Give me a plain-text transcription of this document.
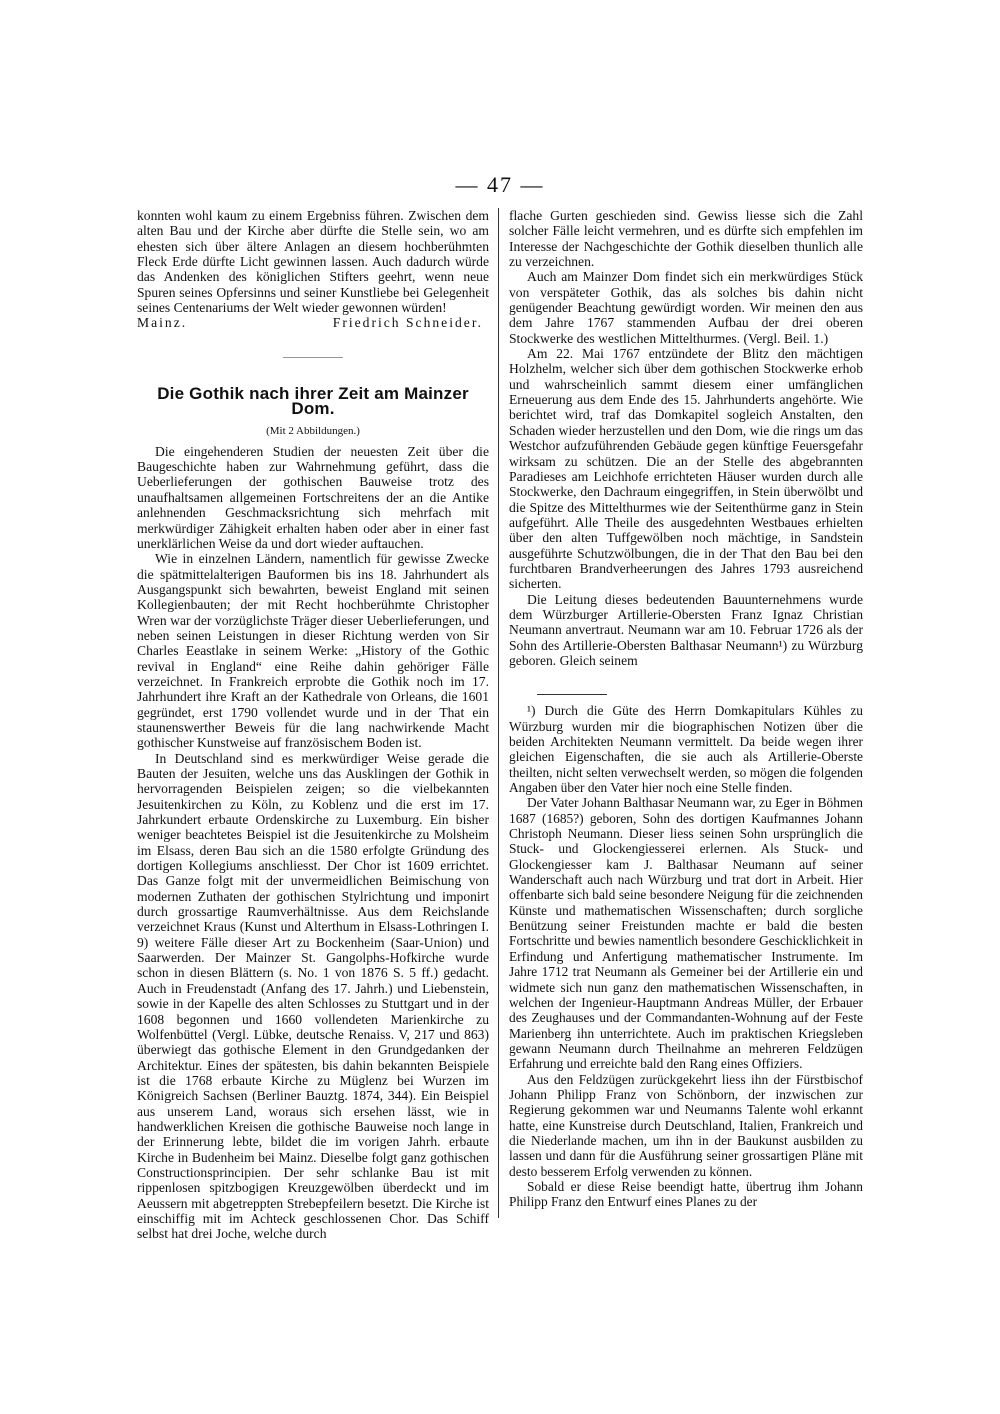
— 47 —

konnten wohl kaum zu einem Ergebniss führen. Zwischen dem alten Bau und der Kirche aber dürfte die Stelle sein, wo am ehesten sich über ältere Anlagen an diesem hochberühmten Fleck Erde dürfte Licht gewinnen lassen. Auch dadurch würde das Andenken des königlichen Stifters geehrt, wenn neue Spuren seines Opfersinns und seiner Kunstliebe bei Gelegenheit seines Centenariums der Welt wieder gewonnen würden!

Mainz.	Friedrich Schneider.
Die Gothik nach ihrer Zeit am Mainzer Dom.
(Mit 2 Abbildungen.)

Die eingehenderen Studien der neuesten Zeit über die Baugeschichte haben zur Wahrnehmung geführt, dass die Ueberlieferungen der gothischen Bauweise trotz des unaufhaltsamen allgemeinen Fortschreitens der an die Antike anlehnenden Geschmacksrichtung sich mehrfach mit merkwürdiger Zähigkeit erhalten haben oder aber in einer fast unerklärlichen Weise da und dort wieder auftauchen.

Wie in einzelnen Ländern, namentlich für gewisse Zwecke die spätmittelalterigen Bauformen bis ins 18. Jahrhundert als Ausgangspunkt sich bewahrten, beweist England mit seinen Kollegienbauten; der mit Recht hochberühmte Christopher Wren war der vorzüglichste Träger dieser Ueberlieferungen, und neben seinen Leistungen in dieser Richtung werden von Sir Charles Eeastlake in seinem Werke: „History of the Gothic revival in England“ eine Reihe dahin gehöriger Fälle verzeichnet. In Frankreich erprobte die Gothik noch im 17. Jahrhundert ihre Kraft an der Kathedrale von Orleans, die 1601 gegründet, erst 1790 vollendet wurde und in der That ein staunenswerther Beweis für die lang nachwirkende Macht gothischer Kunstweise auf französischem Boden ist.

In Deutschland sind es merkwürdiger Weise gerade die Bauten der Jesuiten, welche uns das Ausklingen der Gothik in hervorragenden Beispielen zeigen; so die vielbekannten Jesuitenkirchen zu Köln, zu Koblenz und die erst im 17. Jahrkundert erbaute Ordenskirche zu Luxemburg. Ein bisher weniger beachtetes Beispiel ist die Jesuitenkirche zu Molsheim im Elsass, deren Bau sich an die 1580 erfolgte Gründung des dortigen Kollegiums anschliesst. Der Chor ist 1609 errichtet. Das Ganze folgt mit der unvermeidlichen Beimischung von modernen Zuthaten der gothischen Stylrichtung und imponirt durch grossartige Raumverhältnisse. Aus dem Reichslande verzeichnet Kraus (Kunst und Alterthum in Elsass-Lothringen I. 9) weitere Fälle dieser Art zu Bockenheim (Saar-Union) und Saarwerden. Der Mainzer St. Gangolphs-Hofkirche wurde schon in diesen Blättern (s. No. 1 von 1876 S. 5 ff.) gedacht. Auch in Freudenstadt (Anfang des 17. Jahrh.) und Liebenstein, sowie in der Kapelle des alten Schlosses zu Stuttgart und in der 1608 begonnen und 1660 vollendeten Marienkirche zu Wolfenbüttel (Vergl. Lübke, deutsche Renaiss. V, 217 und 863) überwiegt das gothische Element in den Grundgedanken der Architektur. Eines der spätesten, bis dahin bekannten Beispiele ist die 1768 erbaute Kirche zu Müglenz bei Wurzen im Königreich Sachsen (Berliner Bauztg. 1874, 344). Ein Beispiel aus unserem Land, woraus sich ersehen lässt, wie in handwerklichen Kreisen die gothische Bauweise noch lange in der Erinnerung lebte, bildet die im vorigen Jahrh. erbaute Kirche in Budenheim bei Mainz. Dieselbe folgt ganz gothischen Constructionsprincipien. Der sehr schlanke Bau ist mit rippenlosen spitzbogigen Kreuzgewölben überdeckt und im Aeussern mit abgetreppten Strebepfeilern besetzt. Die Kirche ist einschiffig mit im Achteck geschlossenen Chor. Das Schiff selbst hat drei Joche, welche durch

flache Gurten geschieden sind. Gewiss liesse sich die Zahl solcher Fälle leicht vermehren, und es dürfte sich empfehlen im Interesse der Nachgeschichte der Gothik dieselben thunlich alle zu verzeichnen.

Auch am Mainzer Dom findet sich ein merkwürdiges Stück von verspäteter Gothik, das als solches bis dahin nicht genügender Beachtung gewürdigt worden. Wir meinen den aus dem Jahre 1767 stammenden Aufbau der drei oberen Stockwerke des westlichen Mittelthurmes. (Vergl. Beil. 1.)

Am 22. Mai 1767 entzündete der Blitz den mächtigen Holzhelm, welcher sich über dem gothischen Stockwerke erhob und wahrscheinlich sammt diesem einer umfänglichen Erneuerung aus dem Ende des 15. Jahrhunderts angehörte. Wie berichtet wird, traf das Domkapitel sogleich Anstalten, den Schaden wieder herzustellen und den Dom, wie die rings um das Westchor aufzuführenden Gebäude gegen künftige Feuersgefahr wirksam zu schützen. Die an der Stelle des abgebrannten Paradieses am Leichhofe errichteten Häuser wurden durch alle Stockwerke, den Dachraum eingegriffen, in Stein überwölbt und die Spitze des Mittelthurmes wie der Seitenthürme ganz in Stein aufgeführt. Alle Theile des ausgedehnten Westbaues erhielten über den alten Tuffgewölben noch mächtige, in Sandstein ausgeführte Schutzwölbungen, die in der That den Bau bei den furchtbaren Brandverheerungen des Jahres 1793 ausreichend sicherten.

Die Leitung dieses bedeutenden Bauunternehmens wurde dem Würzburger Artillerie-Obersten Franz Ignaz Christian Neumann anvertraut. Neumann war am 10. Februar 1726 als der Sohn des Artillerie-Obersten Balthasar Neumann¹) zu Würzburg geboren. Gleich seinem

¹) Durch die Güte des Herrn Domkapitulars Kühles zu Würzburg wurden mir die biographischen Notizen über die beiden Architekten Neumann vermittelt. Da beide wegen ihrer gleichen Eigenschaften, die sie auch als Artillerie-Oberste theilten, nicht selten verwechselt werden, so mögen die folgenden Angaben über den Vater hier noch eine Stelle finden.

Der Vater Johann Balthasar Neumann war, zu Eger in Böhmen 1687 (1685?) geboren, Sohn des dortigen Kaufmannes Johann Christoph Neumann. Dieser liess seinen Sohn ursprünglich die Stuck- und Glockengiesserei erlernen. Als Stuck- und Glockengiesser kam J. Balthasar Neumann auf seiner Wanderschaft auch nach Würzburg und trat dort in Arbeit. Hier offenbarte sich bald seine besondere Neigung für die zeichnenden Künste und mathematischen Wissenschaften; durch sorgliche Benützung seiner Freistunden machte er bald die besten Fortschritte und bewies namentlich besondere Geschicklichkeit in Erfindung und Anfertigung mathematischer Instrumente. Im Jahre 1712 trat Neumann als Gemeiner bei der Artillerie ein und widmete sich nun ganz den mathematischen Wissenschaften, in welchen der Ingenieur-Hauptmann Andreas Müller, der Erbauer des Zeughauses und der Commandanten-Wohnung auf der Feste Marienberg ihn unterrichtete. Auch im praktischen Kriegsleben gewann Neumann durch Theilnahme an mehreren Feldzügen Erfahrung und erreichte bald den Rang eines Offiziers.

Aus den Feldzügen zurückgekehrt liess ihn der Fürstbischof Johann Philipp Franz von Schönborn, der inzwischen zur Regierung gekommen war und Neumanns Talente wohl erkannt hatte, eine Kunstreise durch Deutschland, Italien, Frankreich und die Niederlande machen, um ihn in der Baukunst ausbilden zu lassen und dann für die Ausführung seiner grossartigen Pläne mit desto besserem Erfolg verwenden zu können.

Sobald er diese Reise beendigt hatte, übertrug ihm Johann Philipp Franz den Entwurf eines Planes zu der
